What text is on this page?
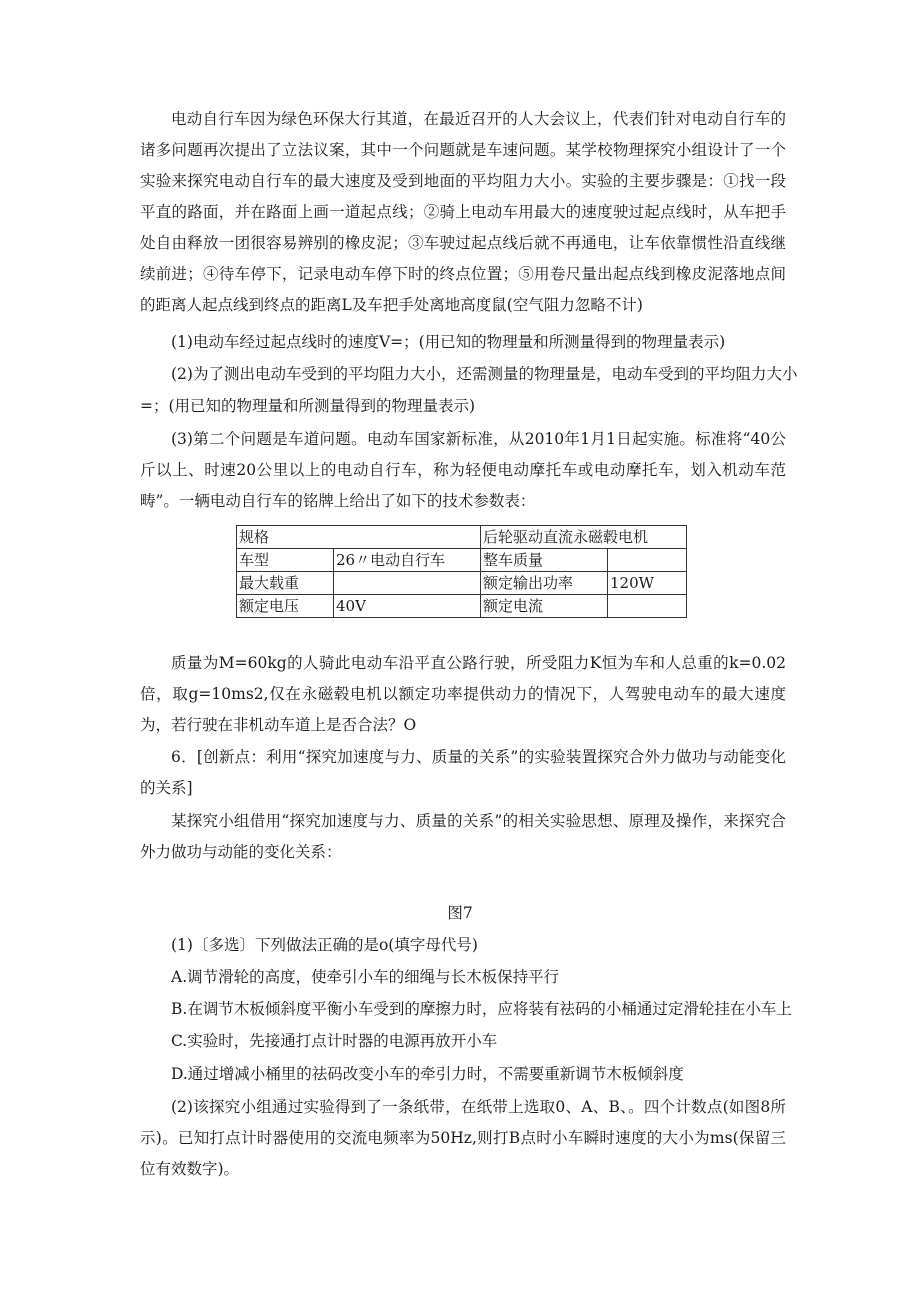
电动自行车因为绿色环保大行其道，在最近召开的人大会议上，代表们针对电动自行车的诸多问题再次提出了立法议案，其中一个问题就是车速问题。某学校物理探究小组设计了一个实验来探究电动自行车的最大速度及受到地面的平均阻力大小。实验的主要步骤是：①找一段平直的路面，并在路面上画一道起点线；②骑上电动车用最大的速度驶过起点线时，从车把手处自由释放一团很容易辨别的橡皮泥；③车驶过起点线后就不再通电，让车依靠惯性沿直线继续前进；④待车停下，记录电动车停下时的终点位置；⑤用卷尺量出起点线到橡皮泥落地点间的距离人起点线到终点的距离L及车把手处离地高度鼠(空气阻力忽略不计)

(1)电动车经过起点线时的速度V=；(用已知的物理量和所测量得到的物理量表示)

(2)为了测出电动车受到的平均阻力大小，还需测量的物理量是，电动车受到的平均阻力大小

=；(用已知的物理量和所测量得到的物理量表示)

(3)第二个问题是车道问题。电动车国家新标准，从2010年1月1日起实施。标准将“40公斤以上、时速20公里以上的电动自行车，称为轻便电动摩托车或电动摩托车，划入机动车范畴”。一辆电动自行车的铭牌上给出了如下的技术参数表：

规格		后轮驱动直流永磁毂电机	
车型	26〃电动自行车	整车质量	
最大载重		额定输出功率	120W
额定电压	40V	额定电流	

质量为M=60kg的人骑此电动车沿平直公路行驶，所受阻力K恒为车和人总重的k=0.02倍，取g=10ms2,仅在永磁毂电机以额定功率提供动力的情况下，人驾驶电动车的最大速度为，若行驶在非机动车道上是否合法？O

6．[创新点：利用“探究加速度与力、质量的关系”的实验装置探究合外力做功与动能变化的关系]

某探究小组借用“探究加速度与力、质量的关系”的相关实验思想、原理及操作，来探究合外力做功与动能的变化关系：

图7

(1)〔多选〕下列做法正确的是o(填字母代号)

A.调节滑轮的高度，使牵引小车的细绳与长木板保持平行

B.在调节木板倾斜度平衡小车受到的摩擦力时，应将装有祛码的小桶通过定滑轮挂在小车上

C.实验时，先接通打点计时器的电源再放开小车

D.通过增减小桶里的祛码改变小车的牵引力时，不需要重新调节木板倾斜度

(2)该探究小组通过实验得到了一条纸带，在纸带上选取0、A、B、。四个计数点(如图8所示)。已知打点计时器使用的交流电频率为50Hz,则打B点时小车瞬时速度的大小为ms(保留三位有效数字)。
